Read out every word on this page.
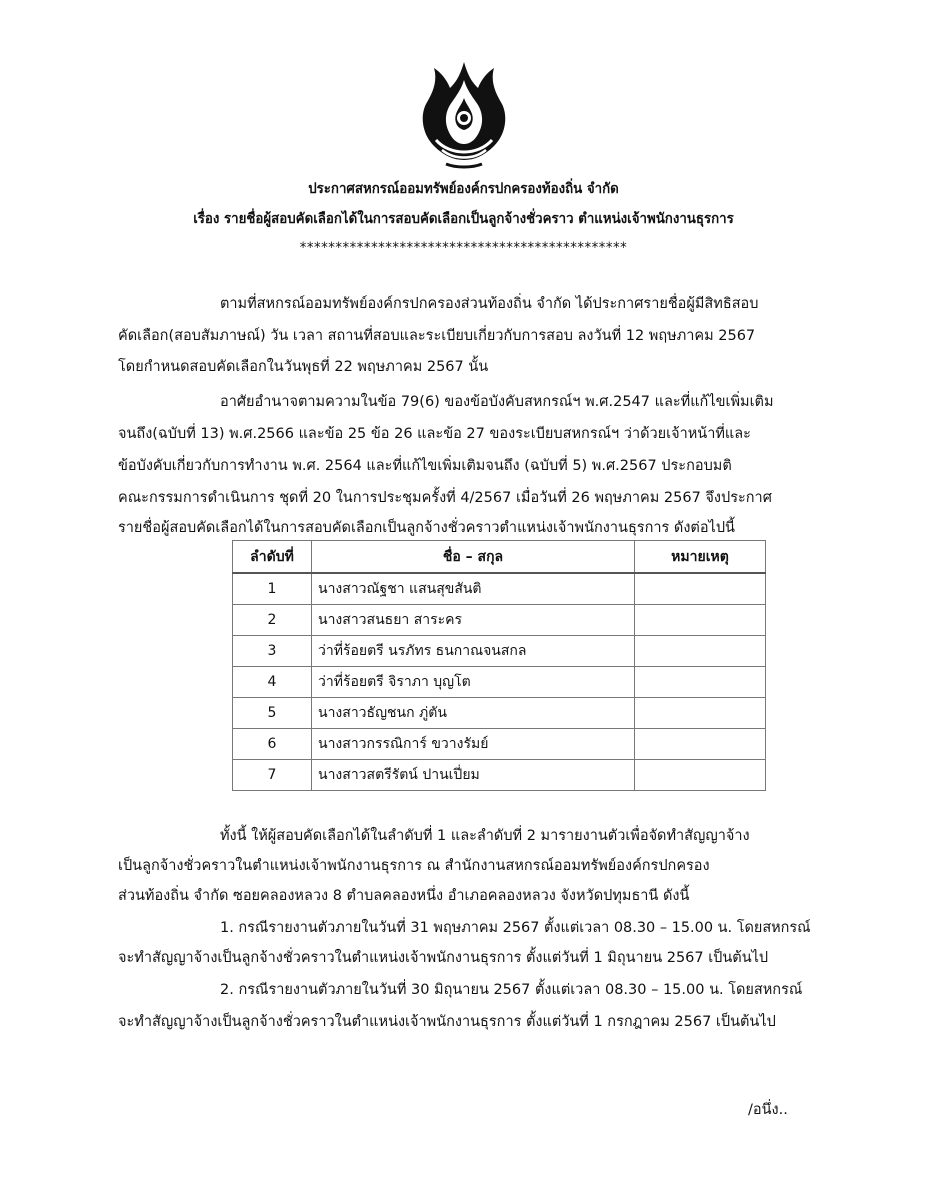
ประกาศสหกรณ์ออมทรัพย์องค์กรปกครองท้องถิ่น จำกัด
เรื่อง รายชื่อผู้สอบคัดเลือกได้ในการสอบคัดเลือกเป็นลูกจ้างชั่วคราว ตำแหน่งเจ้าพนักงานธุรการ
**********************************************
ตามที่สหกรณ์ออมทรัพย์องค์กรปกครองส่วนท้องถิ่น จำกัด ได้ประกาศรายชื่อผู้มีสิทธิสอบ
คัดเลือก(สอบสัมภาษณ์) วัน เวลา สถานที่สอบและระเบียบเกี่ยวกับการสอบ ลงวันที่ 12 พฤษภาคม 2567
โดยกำหนดสอบคัดเลือกในวันพุธที่ 22 พฤษภาคม 2567 นั้น
อาศัยอำนาจตามความในข้อ 79(6) ของข้อบังคับสหกรณ์ฯ พ.ศ.2547 และที่แก้ไขเพิ่มเติม
จนถึง(ฉบับที่ 13) พ.ศ.2566 และข้อ 25 ข้อ 26 และข้อ 27 ของระเบียบสหกรณ์ฯ ว่าด้วยเจ้าหน้าที่และ
ข้อบังคับเกี่ยวกับการทำงาน พ.ศ. 2564 และที่แก้ไขเพิ่มเติมจนถึง (ฉบับที่ 5) พ.ศ.2567 ประกอบมติ
คณะกรรมการดำเนินการ ชุดที่ 20 ในการประชุมครั้งที่ 4/2567 เมื่อวันที่ 26 พฤษภาคม 2567 จึงประกาศ
รายชื่อผู้สอบคัดเลือกได้ในการสอบคัดเลือกเป็นลูกจ้างชั่วคราวตำแหน่งเจ้าพนักงานธุรการ ดังต่อไปนี้
ลำดับที่	ชื่อ – สกุล	หมายเหตุ
1	นางสาวณัฐชา แสนสุขสันติ	
2	นางสาวสนธยา สาระคร	
3	ว่าที่ร้อยตรี นรภัทร ธนกาณจนสกล	
4	ว่าที่ร้อยตรี จิราภา บุญโต	
5	นางสาวธัญชนก ภู่ตัน	
6	นางสาวกรรณิการ์ ขวางรัมย์	
7	นางสาวสตรีรัตน์ ปานเปี่ยม	
ทั้งนี้ ให้ผู้สอบคัดเลือกได้ในลำดับที่ 1 และลำดับที่ 2 มารายงานตัวเพื่อจัดทำสัญญาจ้าง
เป็นลูกจ้างชั่วคราวในตำแหน่งเจ้าพนักงานธุรการ ณ สำนักงานสหกรณ์ออมทรัพย์องค์กรปกครอง
ส่วนท้องถิ่น จำกัด ซอยคลองหลวง 8 ตำบลคลองหนึ่ง อำเภอคลองหลวง จังหวัดปทุมธานี ดังนี้
1. กรณีรายงานตัวภายในวันที่ 31 พฤษภาคม 2567 ตั้งแต่เวลา 08.30 – 15.00 น. โดยสหกรณ์
จะทำสัญญาจ้างเป็นลูกจ้างชั่วคราวในตำแหน่งเจ้าพนักงานธุรการ ตั้งแต่วันที่ 1 มิถุนายน 2567 เป็นต้นไป
2. กรณีรายงานตัวภายในวันที่ 30 มิถุนายน 2567 ตั้งแต่เวลา 08.30 – 15.00 น. โดยสหกรณ์
จะทำสัญญาจ้างเป็นลูกจ้างชั่วคราวในตำแหน่งเจ้าพนักงานธุรการ ตั้งแต่วันที่ 1 กรกฎาคม 2567 เป็นต้นไป
/อนึ่ง..
